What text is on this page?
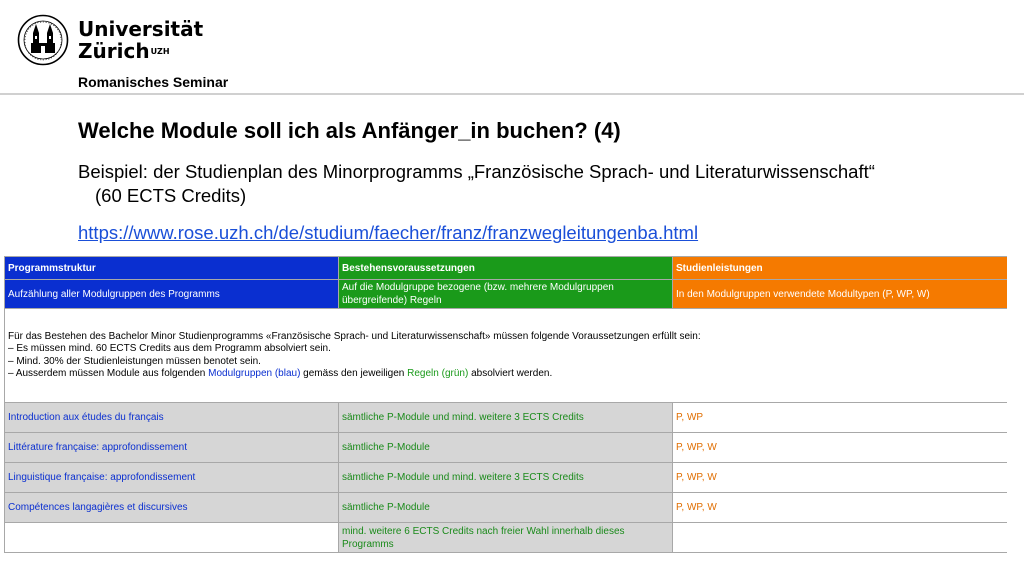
Universität
Zürich$^{UZH}$
Romanisches Seminar
Welche Module soll ich als Anfänger_in buchen? (4)
Beispiel: der Studienplan des Minorprogramms „Französische Sprach- und Literaturwissenschaft“
(60 ECTS Credits)
https://www.rose.uzh.ch/de/studium/faecher/franz/franzwegleitungenba.html
Programmstruktur	Bestehensvoraussetzungen	Studienleistungen
Aufzählung aller Modulgruppen des Programms	Auf die Modulgruppe bezogene (bzw. mehrere Modulgruppen übergreifende) Regeln	In den Modulgruppen verwendete Modultypen (P, WP, W)

Für das Bestehen des Bachelor Minor Studienprogramms «Französische Sprach- und Literaturwissenschaft» müssen folgende Voraussetzungen erfüllt sein:
– Es müssen mind. 60 ECTS Credits aus dem Programm absolviert sein.
– Mind. 30% der Studienleistungen müssen benotet sein.
– Ausserdem müssen Module aus folgenden Modulgruppen (blau) gemäss den jeweiligen Regeln (grün) absolviert werden.		

Introduction aux études du français	sämtliche P-Module und mind. weitere 3 ECTS Credits	P, WP
Littérature française: approfondissement	sämtliche P-Module	P, WP, W
Linguistique française: approfondissement	sämtliche P-Module und mind. weitere 3 ECTS Credits	P, WP, W
Compétences langagières et discursives	sämtliche P-Module	P, WP, W
	mind. weitere 6 ECTS Credits nach freier Wahl innerhalb dieses Programms	
